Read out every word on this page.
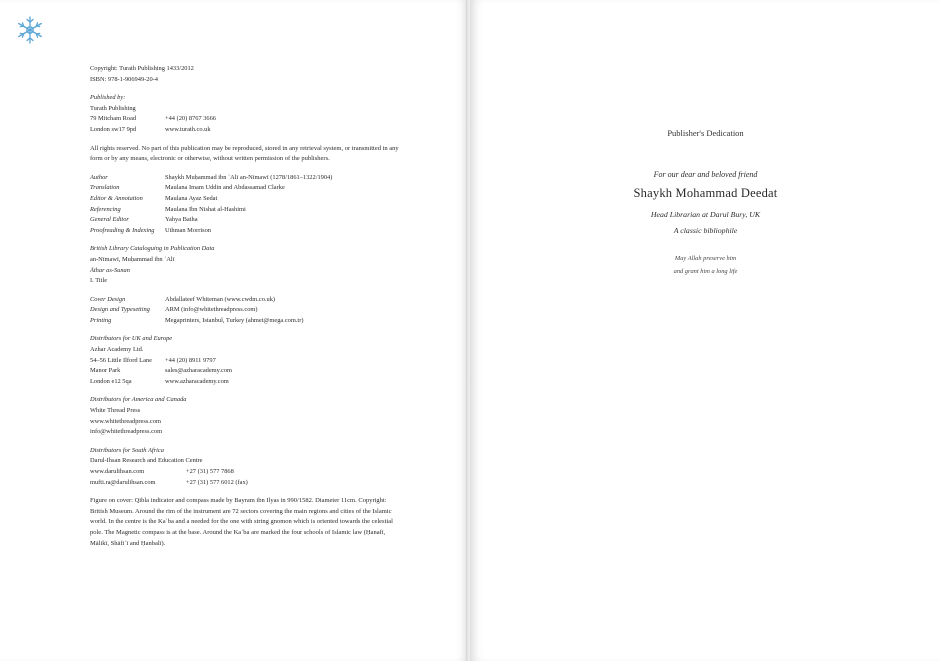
Copyright: Turath Publishing 1433/2012
ISBN: 978-1-906949-20-4
Published by:
Turath Publishing
79 Mitcham Road	+44 (20) 8767 3666
London sw17 9pd	www.turath.co.uk
All rights reserved. No part of this publication may be reproduced, stored in any retrieval system, or transmitted in any form or by any means, electronic or otherwise, without written permission of the publishers.
Author	Shaykh Muḥammad ibn ʿAlī an-Nīmawī (1278/1861–1322/1904)
Translation	Maulana Imam Uddin and Abdassamad Clarke
Editor & Annotation	Maulana Ayaz Sedat
Referencing	Maulana Ibn Nishat al-Hashimi
General Editor	Yahya Batha
Proofreading & Indexing	Uthman Morrison
British Library Cataloguing in Publication Data
an-Nīmawī, Muḥammad ibn ʿAlī
Āthar as-Sunan
I. Title
Cover Design	Abdallateef Whiteman (www.cwdm.co.uk)
Design and Typesetting	ARM (info@whitethreadpress.com)
Printing	Megaprinters, Istanbul, Turkey (ahmet@mega.com.tr)
Distributors for UK and Europe
Azhar Academy Ltd.
54–56 Little Ilford Lane	+44 (20) 8911 9797
Manor Park	sales@azharacademy.com
London e12 5qa	www.azharacademy.com
Distributors for America and Canada
White Thread Press
www.whitethreadpress.com
info@whitethreadpress.com
Distributors for South Africa
Darul-Ihsan Research and Education Centre
www.darulihsan.com	+27 (31) 577 7868
mufti.ra@darulihsan.com	+27 (31) 577 6012 (fax)
Figure on cover: Qibla indicator and compass made by Bayram ibn Ilyas in 990/1582. Diameter 11cm. Copyright: British Museum. Around the rim of the instrument are 72 sectors covering the main regions and cities of the Islamic world. In the centre is the Kaʿba and a needed for the one with string gnomon which is oriented towards the celestial pole. The Magnetic compass is at the base. Around the Kaʿba are marked the four schools of Islamic law (Ḥanafī, Mālikī, Shāfiʿī and Ḥanbalī).
Publisher's Dedication
For our dear and beloved friend
Shaykh Mohammad Deedat
Head Librarian at Darul Bury, UK
A classic bibliophile
May Allah preserve him
and grant him a long life
